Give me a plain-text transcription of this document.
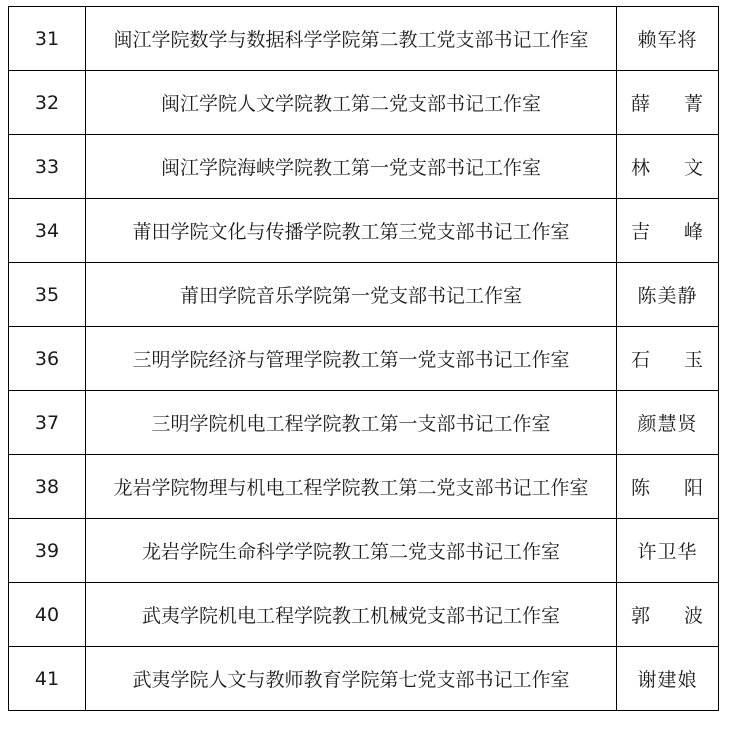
31	闽江学院数学与数据科学学院第二教工党支部书记工作室	赖军将
32	闽江学院人文学院教工第二党支部书记工作室	薛 菁
33	闽江学院海峡学院教工第一党支部书记工作室	林 文
34	莆田学院文化与传播学院教工第三党支部书记工作室	吉 峰
35	莆田学院音乐学院第一党支部书记工作室	陈美静
36	三明学院经济与管理学院教工第一党支部书记工作室	石 玉
37	三明学院机电工程学院教工第一支部书记工作室	颜慧贤
38	龙岩学院物理与机电工程学院教工第二党支部书记工作室	陈 阳
39	龙岩学院生命科学学院教工第二党支部书记工作室	许卫华
40	武夷学院机电工程学院教工机械党支部书记工作室	郭 波
41	武夷学院人文与教师教育学院第七党支部书记工作室	谢建娘
